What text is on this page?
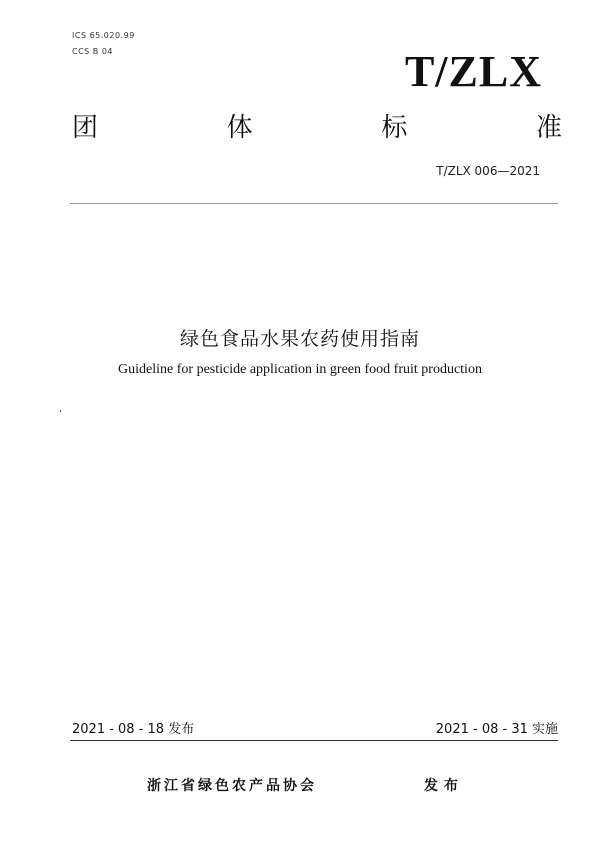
ICS 65.020.99
CCS B 04	T/ZLX
团	体	标	准
T/ZLX 006—2021
绿色食品水果农药使用指南
Guideline for pesticide application in green food fruit production
2021 - 08 - 18 发布	2021 - 08 - 31 实施
浙江省绿色农产品协会	发布
